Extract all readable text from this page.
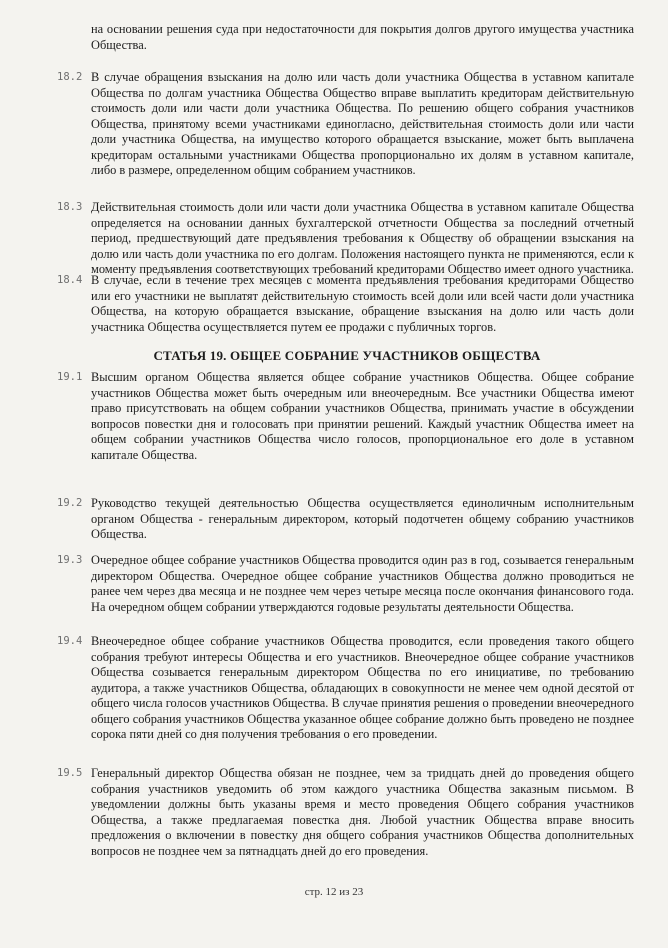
на основании решения суда при недостаточности для покрытия долгов другого имущества участника Общества.
18.2 В случае обращения взыскания на долю или часть доли участника Общества в уставном капитале Общества по долгам участника Общества Общество вправе выплатить кредиторам действительную стоимость доли или части доли участника Общества. По решению общего собрания участников Общества, принятому всеми участниками единогласно, действительная стоимость доли или части доли участника Общества, на имущество которого обращается взыскание, может быть выплачена кредиторам остальными участниками Общества пропорционально их долям в уставном капитале, либо в размере, определенном общим собранием участников.
18.3 Действительная стоимость доли или части доли участника Общества в уставном капитале Общества определяется на основании данных бухгалтерской отчетности Общества за последний отчетный период, предшествующий дате предъявления требования к Обществу об обращении взыскания на долю или часть доли участника по его долгам. Положения настоящего пункта не применяются, если к моменту предъявления соответствующих требований кредиторами Общество имеет одного участника.
18.4 В случае, если в течение трех месяцев с момента предъявления требования кредиторами Общество или его участники не выплатят действительную стоимость всей доли или всей части доли участника Общества, на которую обращается взыскание, обращение взыскания на долю или часть доли участника Общества осуществляется путем ее продажи с публичных торгов.
СТАТЬЯ 19. ОБЩЕЕ СОБРАНИЕ УЧАСТНИКОВ ОБЩЕСТВА
19.1 Высшим органом Общества является общее собрание участников Общества. Общее собрание участников Общества может быть очередным или внеочередным. Все участники Общества имеют право присутствовать на общем собрании участников Общества, принимать участие в обсуждении вопросов повестки дня и голосовать при принятии решений. Каждый участник Общества имеет на общем собрании участников Общества число голосов, пропорциональное его доле в уставном капитале Общества.
19.2 Руководство текущей деятельностью Общества осуществляется единоличным исполнительным органом Общества - генеральным директором, который подотчетен общему собранию участников Общества.
19.3 Очередное общее собрание участников Общества проводится один раз в год, созывается генеральным директором Общества. Очередное общее собрание участников Общества должно проводиться не ранее чем через два месяца и не позднее чем через четыре месяца после окончания финансового года. На очередном общем собрании утверждаются годовые результаты деятельности Общества.
19.4 Внеочередное общее собрание участников Общества проводится, если проведения такого общего собрания требуют интересы Общества и его участников. Внеочередное общее собрание участников Общества созывается генеральным директором Общества по его инициативе, по требованию аудитора, а также участников Общества, обладающих в совокупности не менее чем одной десятой от общего числа голосов участников Общества. В случае принятия решения о проведении внеочередного общего собрания участников Общества указанное общее собрание должно быть проведено не позднее сорока пяти дней со дня получения требования о его проведении.
19.5 Генеральный директор Общества обязан не позднее, чем за тридцать дней до проведения общего собрания участников уведомить об этом каждого участника Общества заказным письмом. В уведомлении должны быть указаны время и место проведения Общего собрания участников Общества, а также предлагаемая повестка дня. Любой участник Общества вправе вносить предложения о включении в повестку дня общего собрания участников Общества дополнительных вопросов не позднее чем за пятнадцать дней до его проведения.
стр. 12 из 23
